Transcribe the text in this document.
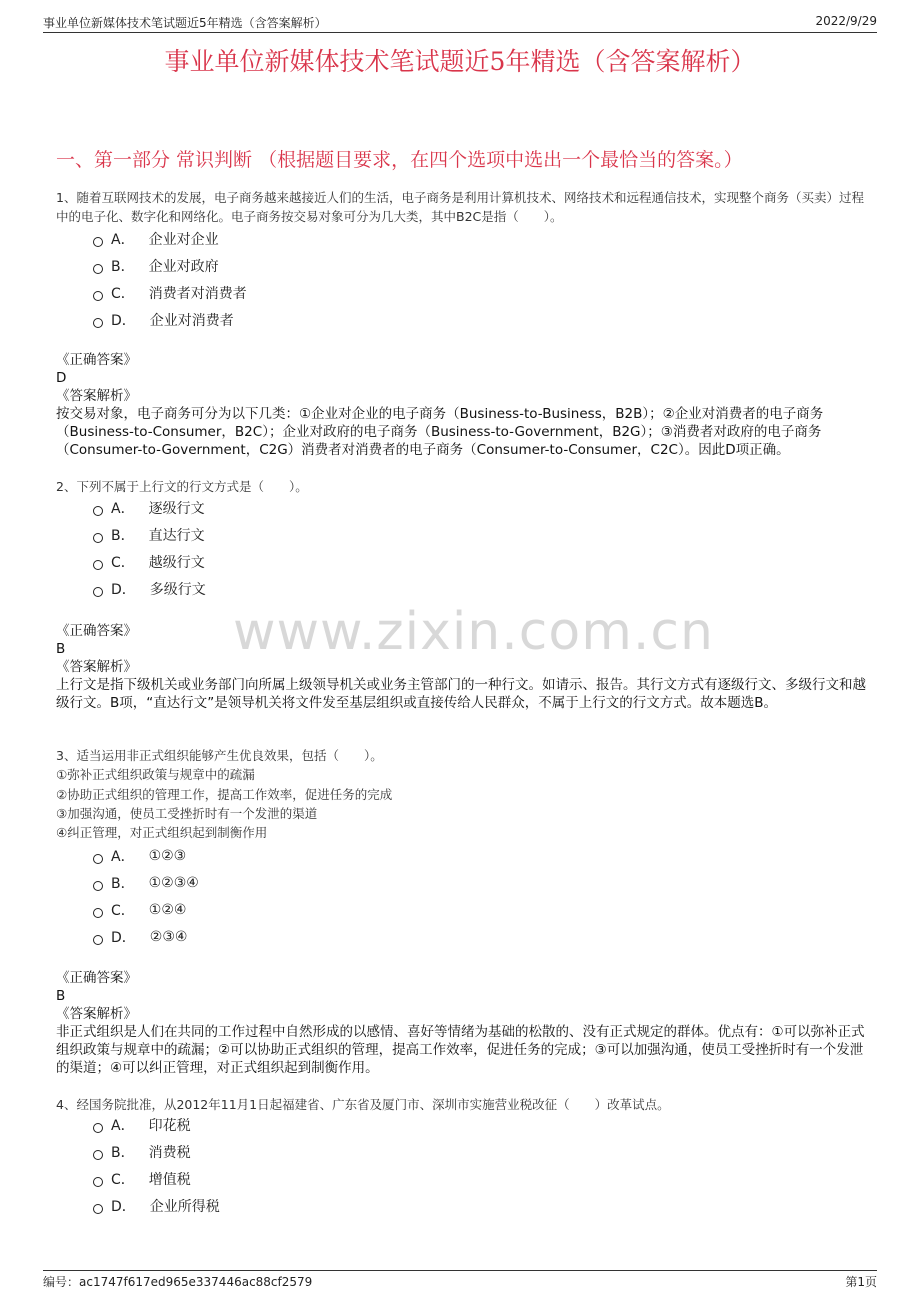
事业单位新媒体技术笔试题近5年精选（含答案解析）	2022/9/29
事业单位新媒体技术笔试题近5年精选（含答案解析）
一、第一部分 常识判断 （根据题目要求，在四个选项中选出一个最恰当的答案。）
www.zixin.com.cn
1、随着互联网技术的发展，电子商务越来越接近人们的生活，电子商务是利用计算机技术、网络技术和远程通信技术，实现整个商务（买卖）过程中的电子化、数字化和网络化。电子商务按交易对象可分为几大类，其中B2C是指（　　）。
A． 企业对企业
B． 企业对政府
C． 消费者对消费者
D． 企业对消费者
《正确答案》
D
《答案解析》
按交易对象，电子商务可分为以下几类：①企业对企业的电子商务（Business-to-Business，B2B）；②企业对消费者的电子商务（Business-to-Consumer，B2C）；企业对政府的电子商务（Business-to-Government，B2G）；③消费者对政府的电子商务（Consumer-to-Government，C2G）消费者对消费者的电子商务（Consumer-to-Consumer，C2C）。因此D项正确。
2、下列不属于上行文的行文方式是（　　）。
A． 逐级行文
B． 直达行文
C． 越级行文
D． 多级行文
《正确答案》
B
《答案解析》
上行文是指下级机关或业务部门向所属上级领导机关或业务主管部门的一种行文。如请示、报告。其行文方式有逐级行文、多级行文和越级行文。B项，“直达行文”是领导机关将文件发至基层组织或直接传给人民群众，不属于上行文的行文方式。故本题选B。
3、适当运用非正式组织能够产生优良效果，包括（　　）。
①弥补正式组织政策与规章中的疏漏
②协助正式组织的管理工作，提高工作效率，促进任务的完成
③加强沟通，使员工受挫折时有一个发泄的渠道
④纠正管理，对正式组织起到制衡作用
A． ①②③
B． ①②③④
C． ①②④
D． ②③④
《正确答案》
B
《答案解析》
非正式组织是人们在共同的工作过程中自然形成的以感情、喜好等情绪为基础的松散的、没有正式规定的群体。优点有：①可以弥补正式组织政策与规章中的疏漏；②可以协助正式组织的管理，提高工作效率，促进任务的完成；③可以加强沟通，使员工受挫折时有一个发泄的渠道；④可以纠正管理，对正式组织起到制衡作用。
4、经国务院批准，从2012年11月1日起福建省、广东省及厦门市、深圳市实施营业税改征（　　）改革试点。
A． 印花税
B． 消费税
C． 增值税
D． 企业所得税
编号：ac1747f617ed965e337446ac88cf2579	第1页
